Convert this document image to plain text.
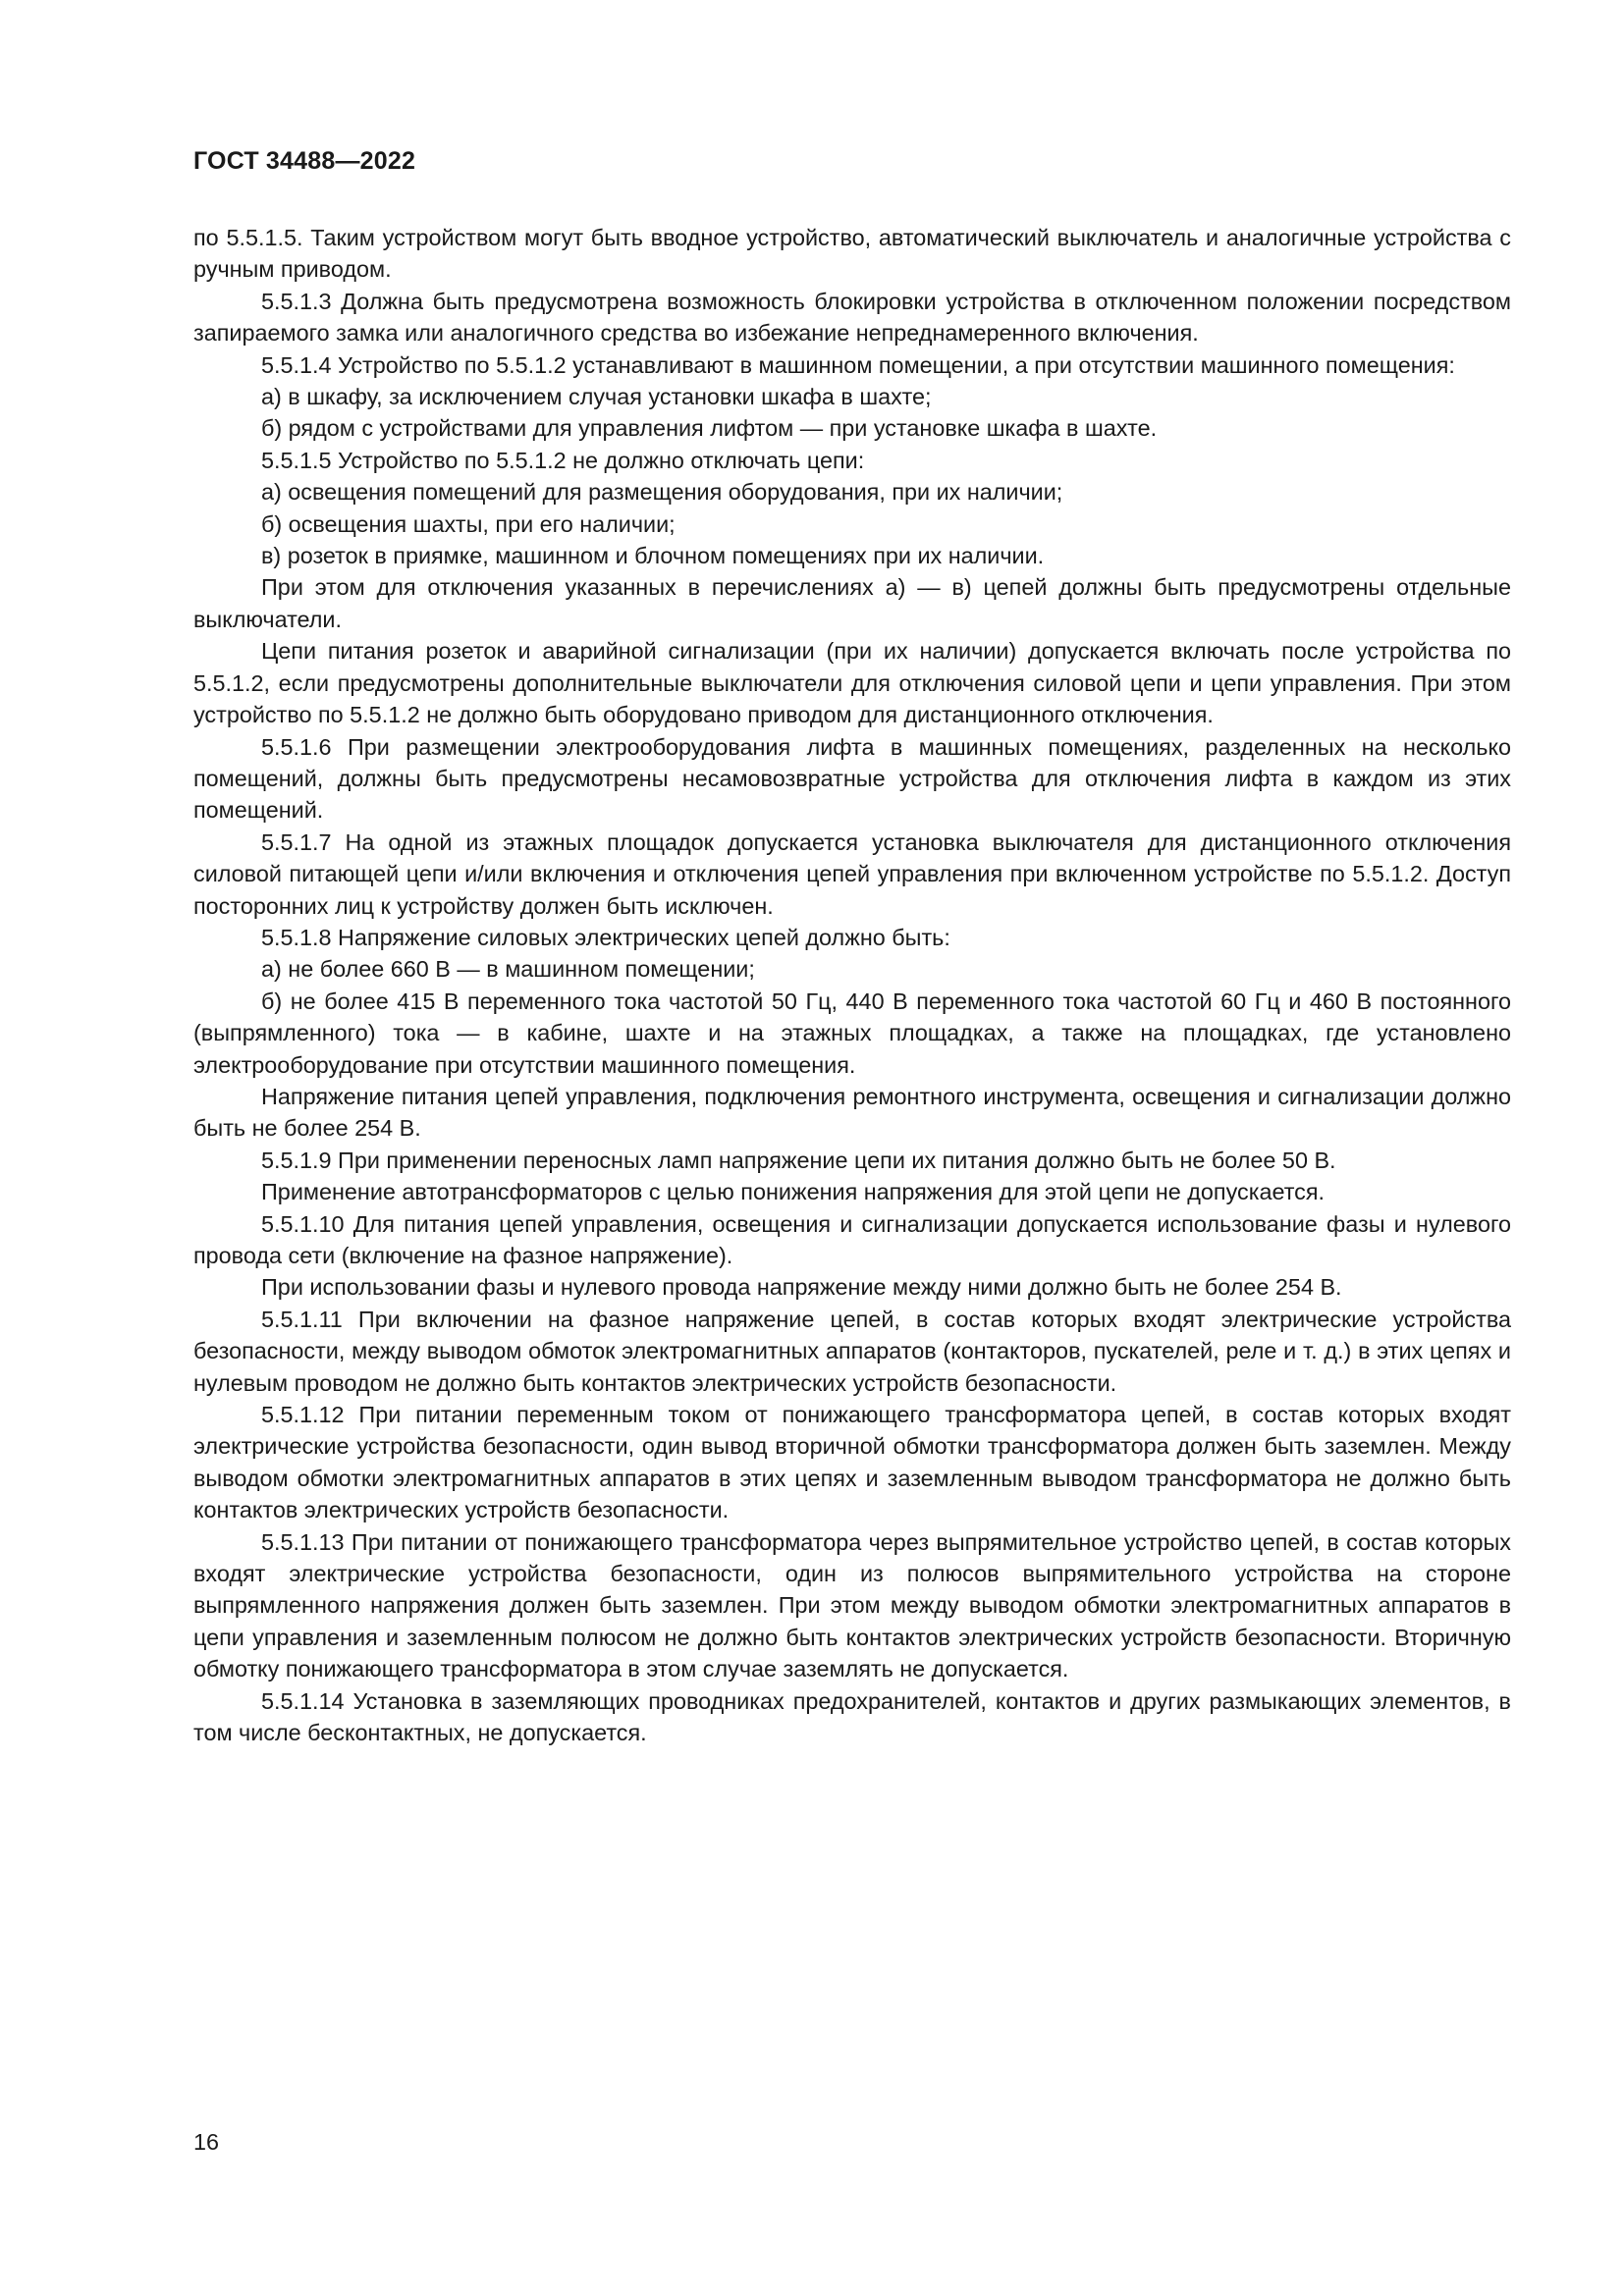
ГОСТ 34488—2022

по 5.5.1.5. Таким устройством могут быть вводное устройство, автоматический выключатель и аналогичные устройства с ручным приводом.

5.5.1.3 Должна быть предусмотрена возможность блокировки устройства в отключенном положении посредством запираемого замка или аналогичного средства во избежание непреднамеренного включения.

5.5.1.4 Устройство по 5.5.1.2 устанавливают в машинном помещении, а при отсутствии машинного помещения:

а) в шкафу, за исключением случая установки шкафа в шахте;

б) рядом с устройствами для управления лифтом — при установке шкафа в шахте.

5.5.1.5 Устройство по 5.5.1.2 не должно отключать цепи:

а) освещения помещений для размещения оборудования, при их наличии;

б) освещения шахты, при его наличии;

в) розеток в приямке, машинном и блочном помещениях при их наличии.

При этом для отключения указанных в перечислениях а) — в) цепей должны быть предусмотрены отдельные выключатели.

Цепи питания розеток и аварийной сигнализации (при их наличии) допускается включать после устройства по 5.5.1.2, если предусмотрены дополнительные выключатели для отключения силовой цепи и цепи управления. При этом устройство по 5.5.1.2 не должно быть оборудовано приводом для дистанционного отключения.

5.5.1.6 При размещении электрооборудования лифта в машинных помещениях, разделенных на несколько помещений, должны быть предусмотрены несамовозвратные устройства для отключения лифта в каждом из этих помещений.

5.5.1.7 На одной из этажных площадок допускается установка выключателя для дистанционного отключения силовой питающей цепи и/или включения и отключения цепей управления при включенном устройстве по 5.5.1.2. Доступ посторонних лиц к устройству должен быть исключен.

5.5.1.8 Напряжение силовых электрических цепей должно быть:

а) не более 660 В — в машинном помещении;

б) не более 415 В переменного тока частотой 50 Гц, 440 В переменного тока частотой 60 Гц и 460 В постоянного (выпрямленного) тока — в кабине, шахте и на этажных площадках, а также на площадках, где установлено электрооборудование при отсутствии машинного помещения.

Напряжение питания цепей управления, подключения ремонтного инструмента, освещения и сигнализации должно быть не более 254 В.

5.5.1.9 При применении переносных ламп напряжение цепи их питания должно быть не более 50 В.

Применение автотрансформаторов с целью понижения напряжения для этой цепи не допускается.

5.5.1.10 Для питания цепей управления, освещения и сигнализации допускается использование фазы и нулевого провода сети (включение на фазное напряжение).

При использовании фазы и нулевого провода напряжение между ними должно быть не более 254 В.

5.5.1.11 При включении на фазное напряжение цепей, в состав которых входят электрические устройства безопасности, между выводом обмоток электромагнитных аппаратов (контакторов, пускателей, реле и т. д.) в этих цепях и нулевым проводом не должно быть контактов электрических устройств безопасности.

5.5.1.12 При питании переменным током от понижающего трансформатора цепей, в состав которых входят электрические устройства безопасности, один вывод вторичной обмотки трансформатора должен быть заземлен. Между выводом обмотки электромагнитных аппаратов в этих цепях и заземленным выводом трансформатора не должно быть контактов электрических устройств безопасности.

5.5.1.13 При питании от понижающего трансформатора через выпрямительное устройство цепей, в состав которых входят электрические устройства безопасности, один из полюсов выпрямительного устройства на стороне выпрямленного напряжения должен быть заземлен. При этом между выводом обмотки электромагнитных аппаратов в цепи управления и заземленным полюсом не должно быть контактов электрических устройств безопасности. Вторичную обмотку понижающего трансформатора в этом случае заземлять не допускается.

5.5.1.14 Установка в заземляющих проводниках предохранителей, контактов и других размыкающих элементов, в том числе бесконтактных, не допускается.

16
